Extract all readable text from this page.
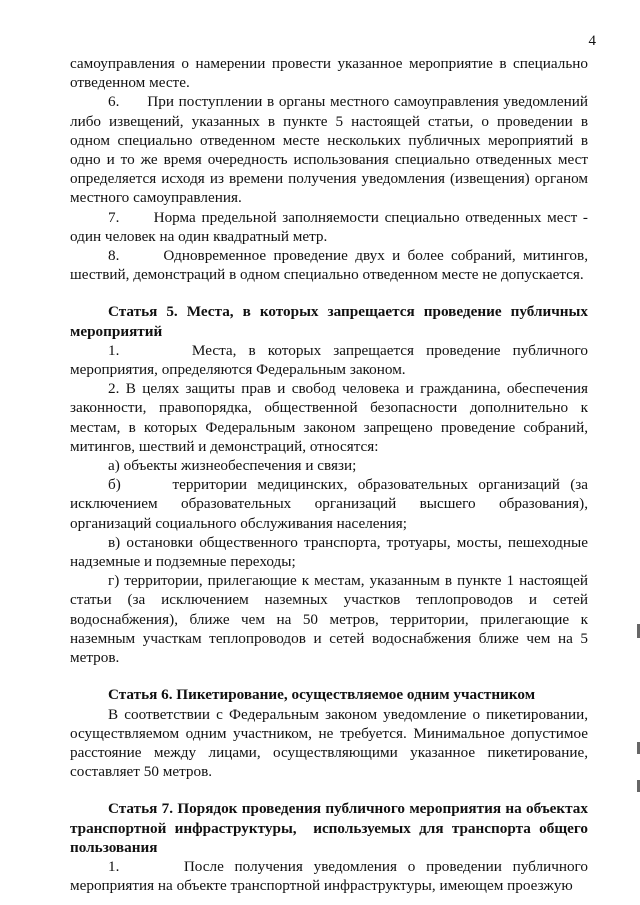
4

самоуправления о намерении провести указанное мероприятие в специально отведенном месте.

6.      При поступлении в органы местного самоуправления уведомлений либо извещений, указанных в пункте 5 настоящей статьи, о проведении в одном специально отведенном месте нескольких публичных мероприятий в одно и то же время очередность использования специально отведенных мест определяется исходя из времени получения уведомления (извещения) органом местного самоуправления.

7.      Норма предельной заполняемости специально отведенных мест - один человек на один квадратный метр.

8.      Одновременное проведение двух и более собраний, митингов, шествий, демонстраций в одном специально отведенном месте не допускается.

Статья 5. Места, в которых запрещается проведение публичных мероприятий

1.      Места, в которых запрещается проведение публичного мероприятия, определяются Федеральным законом.

2. В целях защиты прав и свобод человека и гражданина, обеспечения законности, правопорядка, общественной безопасности дополнительно к местам, в которых Федеральным законом запрещено проведение собраний, митингов, шествий и демонстраций, относятся:

а) объекты жизнеобеспечения и связи;

б)     территории медицинских, образовательных организаций (за исключением образовательных организаций высшего образования), организаций социального обслуживания населения;

в) остановки общественного транспорта, тротуары, мосты, пешеходные надземные и подземные переходы;

г) территории, прилегающие к местам, указанным в пункте 1 настоящей статьи (за исключением наземных участков теплопроводов и сетей водоснабжения), ближе чем на 50 метров, территории, прилегающие к наземным участкам теплопроводов и сетей водоснабжения ближе чем на 5 метров.

Статья 6. Пикетирование, осуществляемое одним участником

В соответствии с Федеральным законом уведомление о пикетировании, осуществляемом одним участником, не требуется. Минимальное допустимое расстояние между лицами, осуществляющими указанное пикетирование, составляет 50 метров.

Статья 7. Порядок проведения публичного мероприятия на объектах транспортной инфраструктуры,  используемых для транспорта общего пользования

1.      После получения уведомления о проведении публичного мероприятия на объекте транспортной инфраструктуры, имеющем проезжую
